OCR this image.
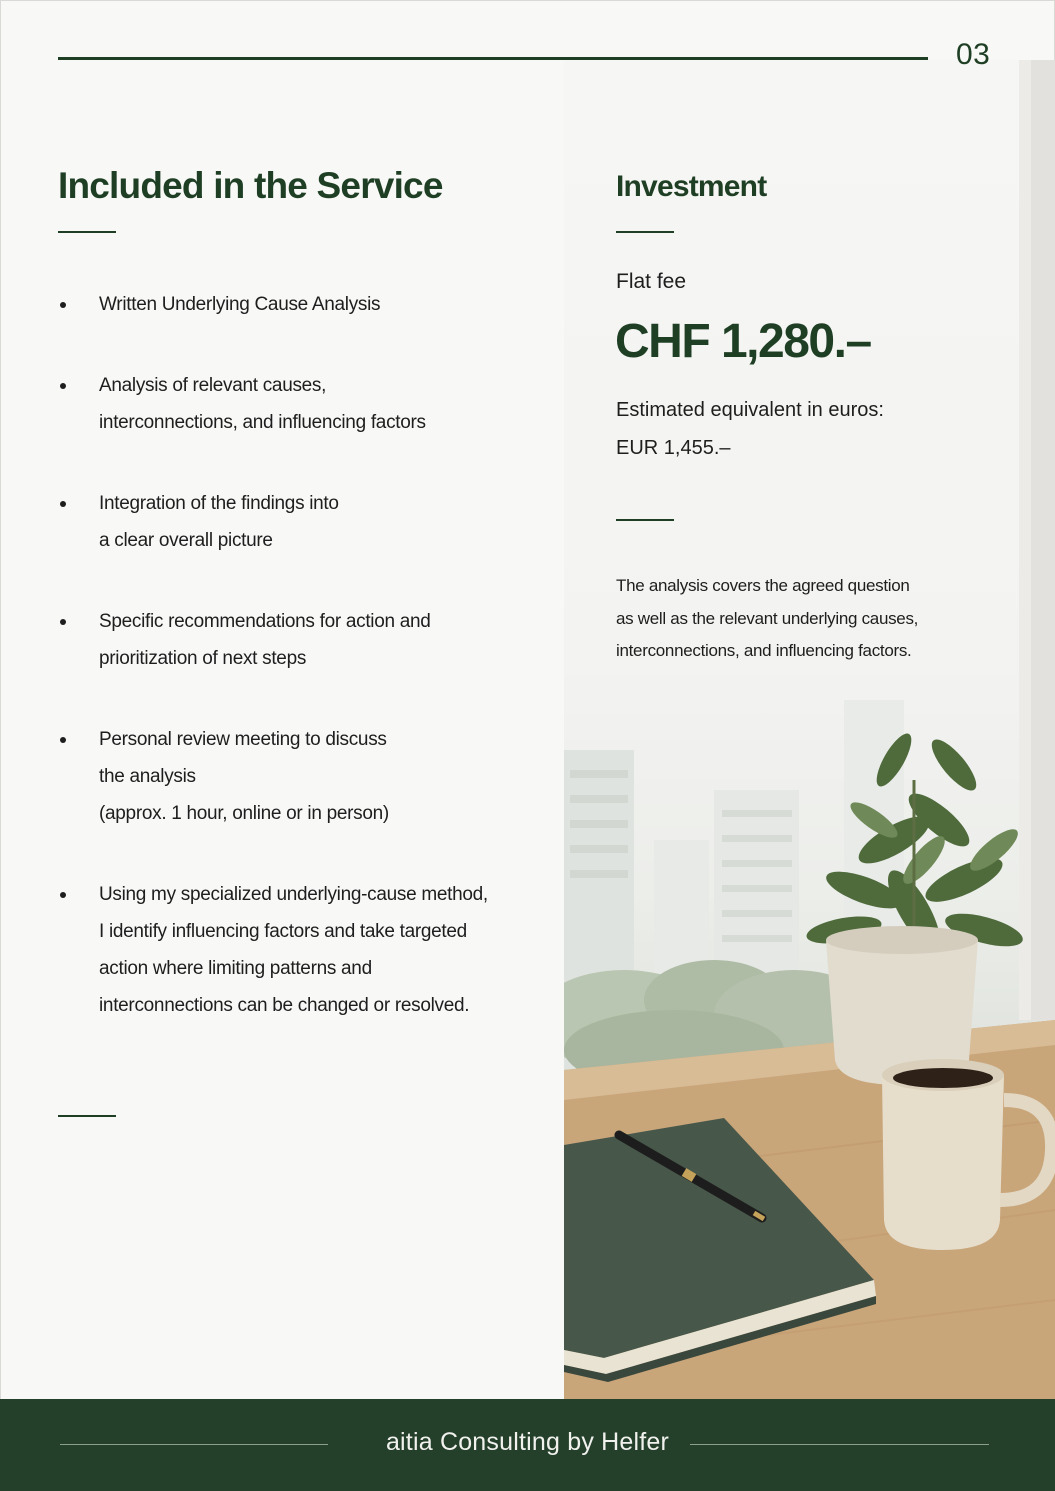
03
Included in the Service
Written Underlying Cause Analysis
Analysis of relevant causes,
interconnections, and influencing factors
Integration of the findings into
a clear overall picture
Specific recommendations for action and
prioritization of next steps
Personal review meeting to discuss
the analysis
(approx. 1 hour, online or in person)
Using my specialized underlying-cause method,
I identify influencing factors and take targeted
action where limiting patterns and
interconnections can be changed or resolved.
Investment
Flat fee
CHF 1,280.–
Estimated equivalent in euros:
EUR 1,455.–
The analysis covers the agreed question
as well as the relevant underlying causes,
interconnections, and influencing factors.
aitia Consulting by Helfer
